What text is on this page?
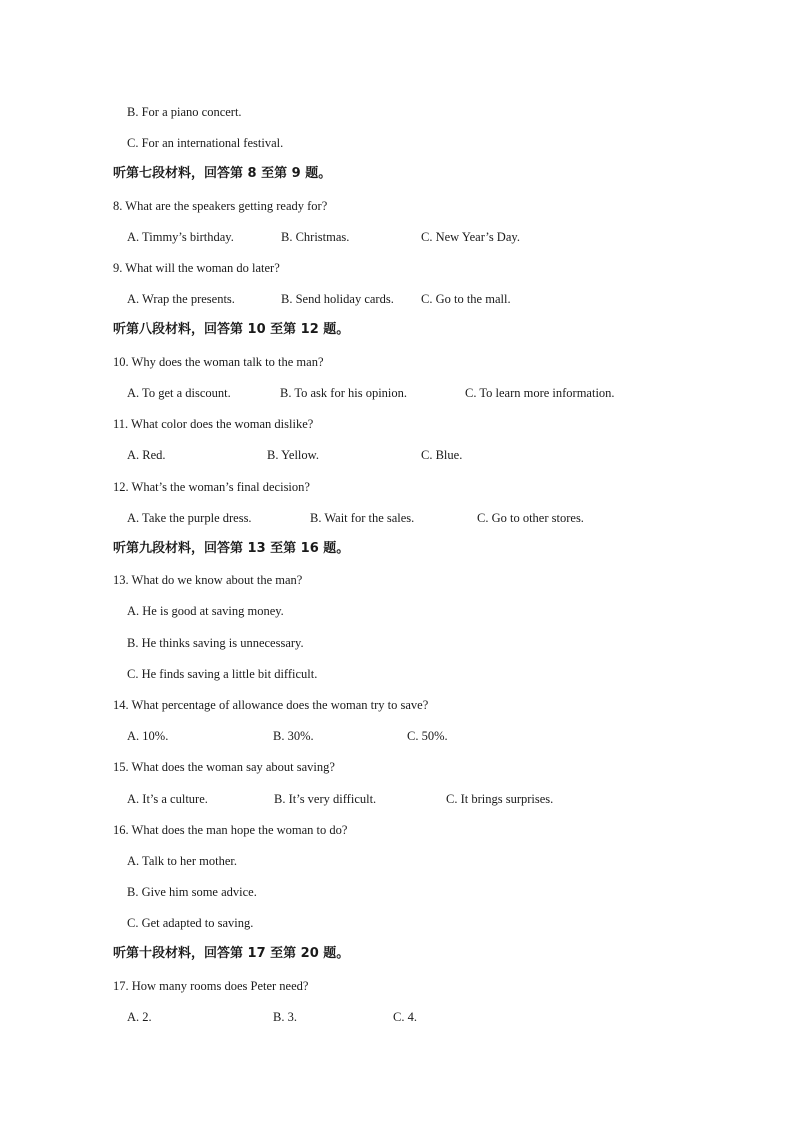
B. For a piano concert.
C. For an international festival.
听第七段材料，回答第 8 至第 9 题。
8. What are the speakers getting ready for?
A. Timmy’s birthday.	B. Christmas.	C. New Year’s Day.
9. What will the woman do later?
A. Wrap the presents.	B. Send holiday cards. C. Go to the mall.
听第八段材料，回答第 10 至第 12 题。
10. Why does the woman talk to the man?
A. To get a discount.	B. To ask for his opinion.	C. To learn more information.
11. What color does the woman dislike?
A. Red.	B. Yellow.	C. Blue.
12. What’s the woman’s final decision?
A. Take the purple dress.	B. Wait for the sales.	C. Go to other stores.
听第九段材料，回答第 13 至第 16 题。
13. What do we know about the man?
A. He is good at saving money.
B. He thinks saving is unnecessary.
C. He finds saving a little bit difficult.
14. What percentage of allowance does the woman try to save?
A. 10%.	B. 30%.	C. 50%.
15. What does the woman say about saving?
A. It’s a culture.	B. It’s very difficult.	C. It brings surprises.
16. What does the man hope the woman to do?
A. Talk to her mother.
B. Give him some advice.
C. Get adapted to saving.
听第十段材料，回答第 17 至第 20 题。
17. How many rooms does Peter need?
A. 2.	B. 3.	C. 4.
